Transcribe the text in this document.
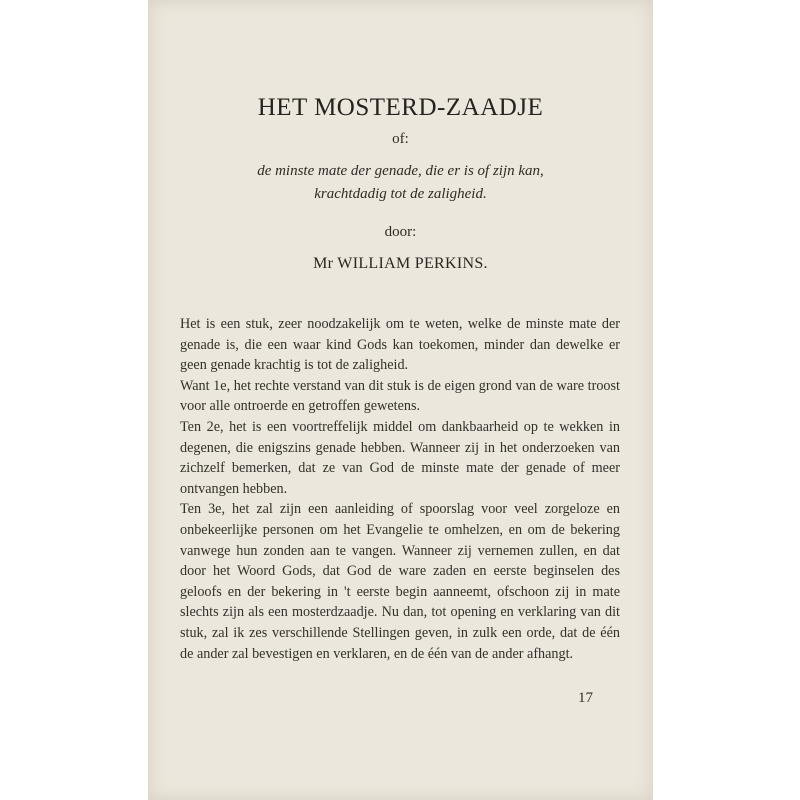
HET MOSTERD-ZAADJE
of:
de minste mate der genade, die er is of zijn kan,
krachtdadig tot de zaligheid.
door:
Mr WILLIAM PERKINS.

Het is een stuk, zeer noodzakelijk om te weten, welke de minste mate der genade is, die een waar kind Gods kan toekomen, minder dan dewelke er geen genade krachtig is tot de zaligheid.

Want 1e, het rechte verstand van dit stuk is de eigen grond van de ware troost voor alle ontroerde en getroffen gewetens.

Ten 2e, het is een voortreffelijk middel om dankbaarheid op te wekken in degenen, die enigszins genade hebben. Wanneer zij in het onderzoeken van zichzelf bemerken, dat ze van God de minste mate der genade of meer ontvangen hebben.

Ten 3e, het zal zijn een aanleiding of spoorslag voor veel zorgeloze en onbekeerlijke personen om het Evangelie te omhelzen, en om de bekering vanwege hun zonden aan te vangen. Wanneer zij vernemen zullen, en dat door het Woord Gods, dat God de ware zaden en eerste beginselen des geloofs en der bekering in 't eerste begin aanneemt, ofschoon zij in mate slechts zijn als een mosterdzaadje. Nu dan, tot opening en verklaring van dit stuk, zal ik zes verschillende Stellingen geven, in zulk een orde, dat de één de ander zal bevestigen en verklaren, en de één van de ander afhangt.

17
